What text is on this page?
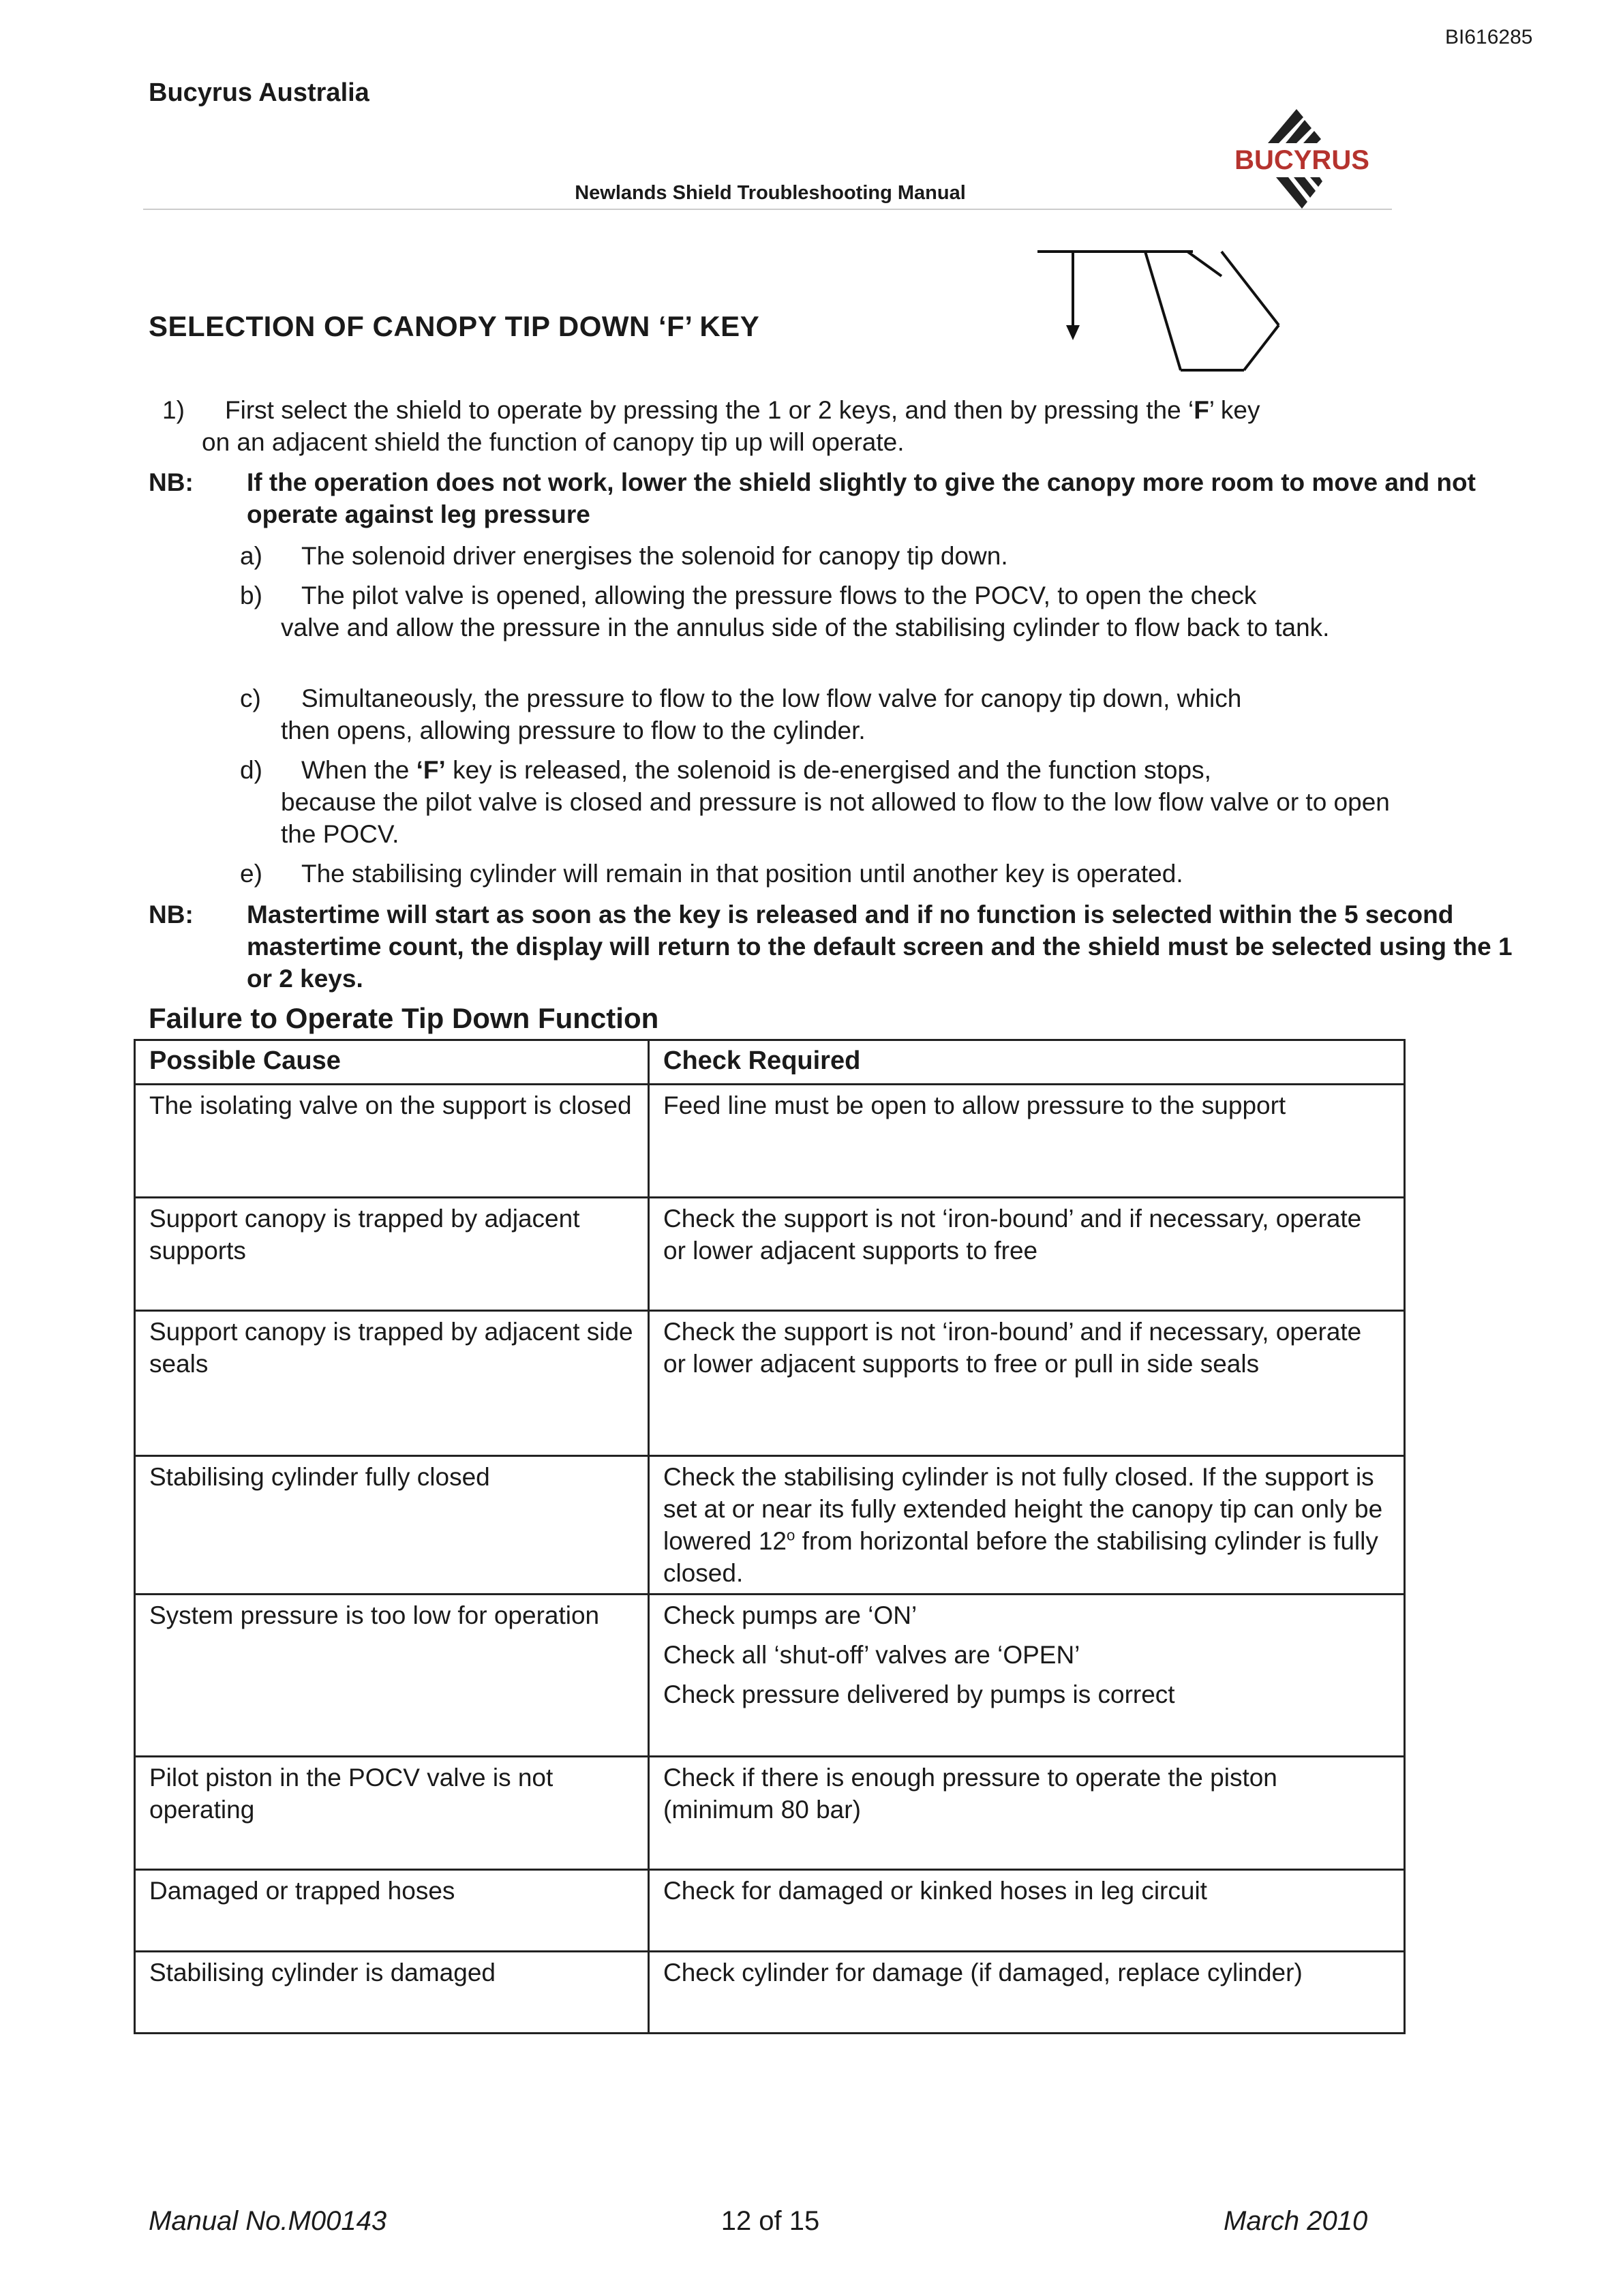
BI616285
Bucyrus Australia
BUCYRUS
Newlands Shield Troubleshooting Manual
SELECTION OF CANOPY TIP DOWN ‘F’ KEY
1) First select the shield to operate by pressing the 1 or 2 keys, and then by pressing the ‘F’ key
on an adjacent shield the function of canopy tip up will operate.
NB: If the operation does not work, lower the shield slightly to give the canopy more room to move and not operate against leg pressure
a) The solenoid driver energises the solenoid for canopy tip down.
b) The pilot valve is opened, allowing the pressure flows to the POCV, to open the check
valve and allow the pressure in the annulus side of the stabilising cylinder to flow back to tank.
c) Simultaneously, the pressure to flow to the low flow valve for canopy tip down, which
then opens, allowing pressure to flow to the cylinder.
d) When the ‘F’ key is released, the solenoid is de-energised and the function stops,
because the pilot valve is closed and pressure is not allowed to flow to the low flow valve or to open the POCV.
e) The stabilising cylinder will remain in that position until another key is operated.
NB: Mastertime will start as soon as the key is released and if no function is selected within the 5 second mastertime count, the display will return to the default screen and the shield must be selected using the 1 or 2 keys.
Failure to Operate Tip Down Function
Possible Cause	Check Required
The isolating valve on the support is closed	Feed line must be open to allow pressure to the support
Support canopy is trapped by adjacent supports	Check the support is not ‘iron-bound’ and if necessary, operate or lower adjacent supports to free
Support canopy is trapped by adjacent side seals	Check the support is not ‘iron-bound’ and if necessary, operate or lower adjacent supports to free or pull in side seals
Stabilising cylinder fully closed	Check the stabilising cylinder is not fully closed. If the support is set at or near its fully extended height the canopy tip can only be lowered 12$^o$ from horizontal before the stabilising cylinder is fully closed.
System pressure is too low for operation	Check pumps are ‘ON’
Check all ‘shut-off’ valves are ‘OPEN’
Check pressure delivered by pumps is correct

Pilot piston in the POCV valve is not operating	Check if there is enough pressure to operate the piston (minimum 80 bar)
Damaged or trapped hoses	Check for damaged or kinked hoses in leg circuit
Stabilising cylinder is damaged	Check cylinder for damage (if damaged, replace cylinder)
Manual No.M00143	12 of 15	March 2010
